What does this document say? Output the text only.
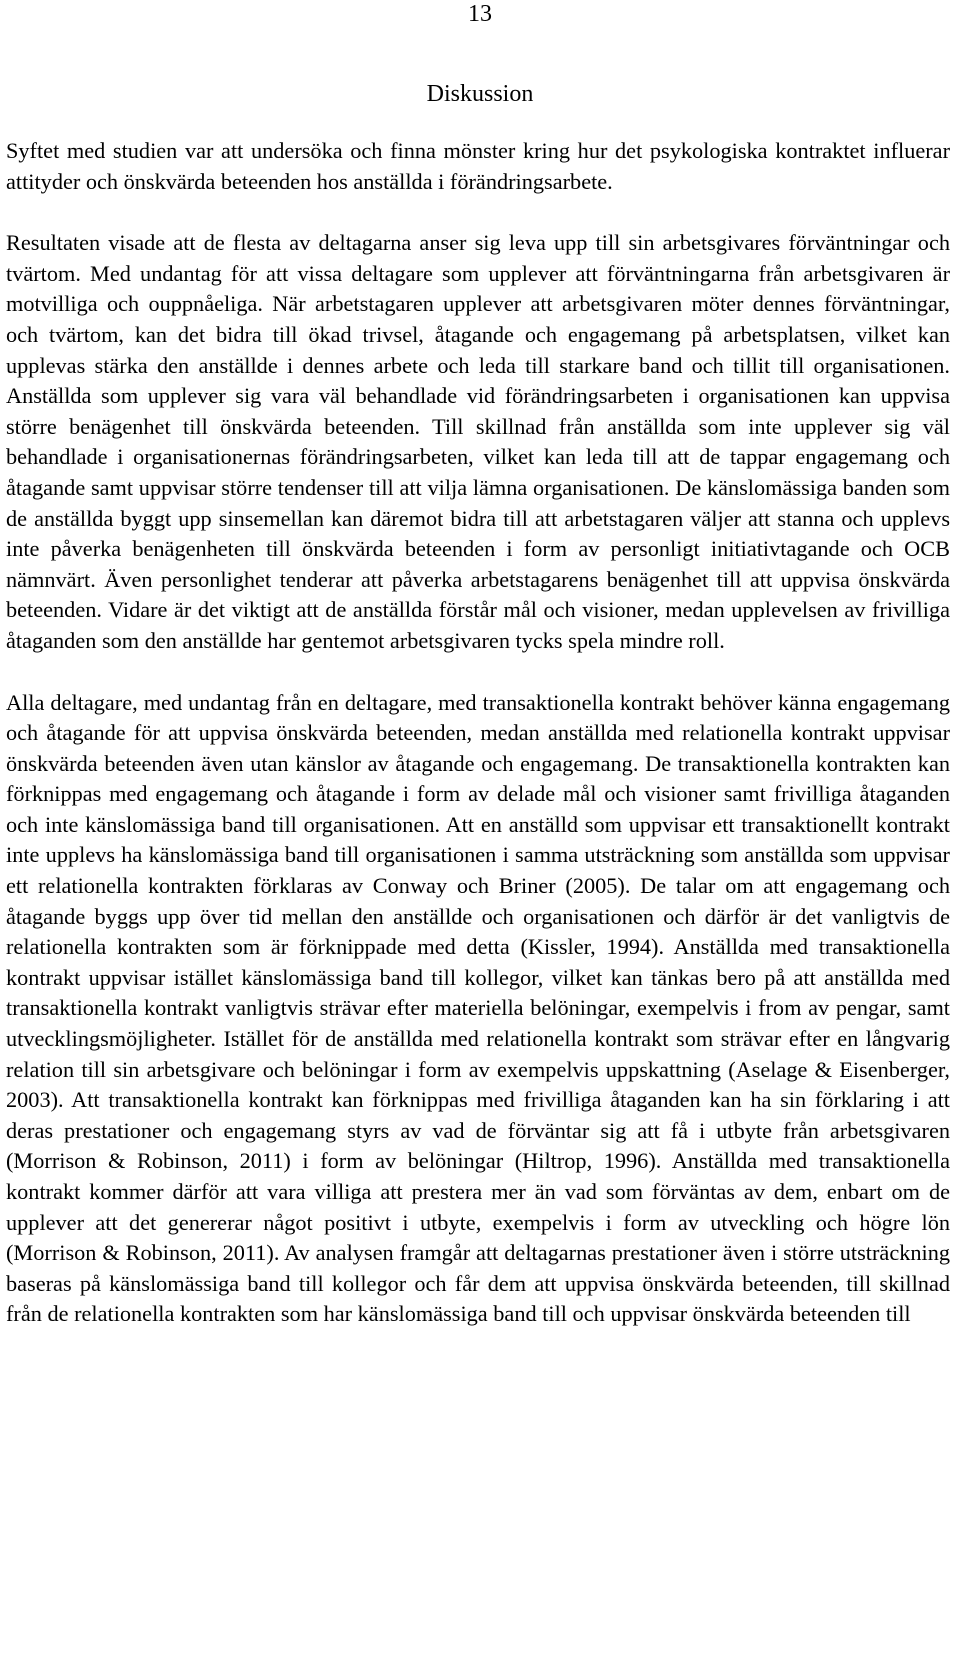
13
Diskussion

Syftet med studien var att undersöka och finna mönster kring hur det psykologiska kontraktet influerar attityder och önskvärda beteenden hos anställda i förändringsarbete.

Resultaten visade att de flesta av deltagarna anser sig leva upp till sin arbetsgivares förväntningar och tvärtom. Med undantag för att vissa deltagare som upplever att förväntningarna från arbetsgivaren är motvilliga och ouppnåeliga. När arbetstagaren upplever att arbetsgivaren möter dennes förväntningar, och tvärtom, kan det bidra till ökad trivsel, åtagande och engagemang på arbetsplatsen, vilket kan upplevas stärka den anställde i dennes arbete och leda till starkare band och tillit till organisationen. Anställda som upplever sig vara väl behandlade vid förändringsarbeten i organisationen kan uppvisa större benägenhet till önskvärda beteenden. Till skillnad från anställda som inte upplever sig väl behandlade i organisationernas förändringsarbeten, vilket kan leda till att de tappar engagemang och åtagande samt uppvisar större tendenser till att vilja lämna organisationen. De känslomässiga banden som de anställda byggt upp sinsemellan kan däremot bidra till att arbetstagaren väljer att stanna och upplevs inte påverka benägenheten till önskvärda beteenden i form av personligt initiativtagande och OCB nämnvärt. Även personlighet tenderar att påverka arbetstagarens benägenhet till att uppvisa önskvärda beteenden. Vidare är det viktigt att de anställda förstår mål och visioner, medan upplevelsen av frivilliga åtaganden som den anställde har gentemot arbetsgivaren tycks spela mindre roll.

Alla deltagare, med undantag från en deltagare, med transaktionella kontrakt behöver känna engagemang och åtagande för att uppvisa önskvärda beteenden, medan anställda med relationella kontrakt uppvisar önskvärda beteenden även utan känslor av åtagande och engagemang. De transaktionella kontrakten kan förknippas med engagemang och åtagande i form av delade mål och visioner samt frivilliga åtaganden och inte känslomässiga band till organisationen. Att en anställd som uppvisar ett transaktionellt kontrakt inte upplevs ha känslomässiga band till organisationen i samma utsträckning som anställda som uppvisar ett relationella kontrakten förklaras av Conway och Briner (2005). De talar om att engagemang och åtagande byggs upp över tid mellan den anställde och organisationen och därför är det vanligtvis de relationella kontrakten som är förknippade med detta (Kissler, 1994). Anställda med transaktionella kontrakt uppvisar istället känslomässiga band till kollegor, vilket kan tänkas bero på att anställda med transaktionella kontrakt vanligtvis strävar efter materiella belöningar, exempelvis i from av pengar, samt utvecklingsmöjligheter. Istället för de anställda med relationella kontrakt som strävar efter en långvarig relation till sin arbetsgivare och belöningar i form av exempelvis uppskattning (Aselage & Eisenberger, 2003). Att transaktionella kontrakt kan förknippas med frivilliga åtaganden kan ha sin förklaring i att deras prestationer och engagemang styrs av vad de förväntar sig att få i utbyte från arbetsgivaren (Morrison & Robinson, 2011) i form av belöningar (Hiltrop, 1996). Anställda med transaktionella kontrakt kommer därför att vara villiga att prestera mer än vad som förväntas av dem, enbart om de upplever att det genererar något positivt i utbyte, exempelvis i form av utveckling och högre lön (Morrison & Robinson, 2011). Av analysen framgår att deltagarnas prestationer även i större utsträckning baseras på känslomässiga band till kollegor och får dem att uppvisa önskvärda beteenden, till skillnad från de relationella kontrakten som har känslomässiga band till och uppvisar önskvärda beteenden till
